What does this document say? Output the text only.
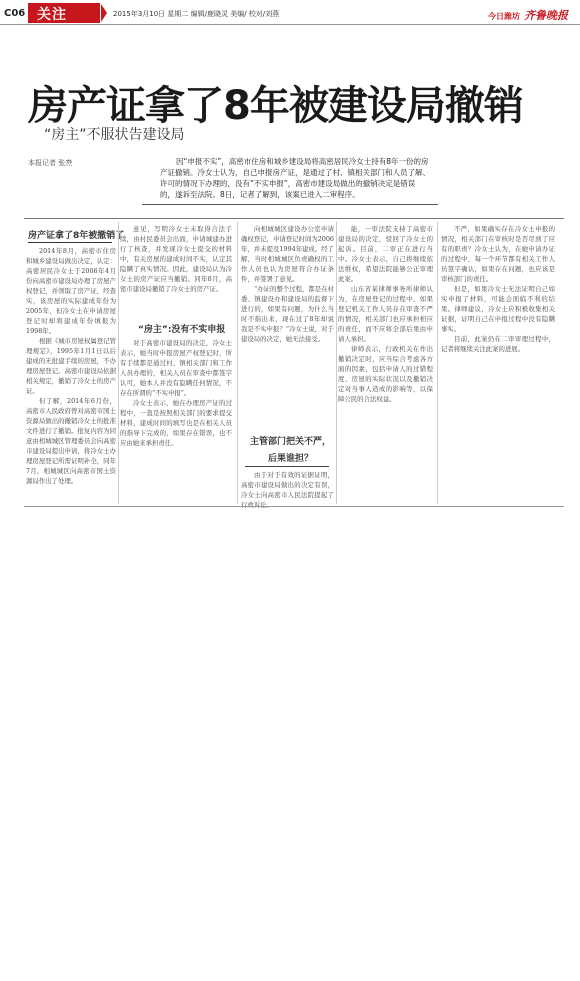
C06 关注	2015年3月10日 星期二 编辑/鹿晓灵 美编/ 校对/刘燕	今日潍坊 齐鲁晚报
房产证拿了8年被建设局撤销
“房主”不服状告建设局
本报记者 张焘	因“申报不实”，高密市住房和城乡建设局将高密居民冷女士持有8年一份的房产证撤销。冷女士认为，自己申报房产证，是通过了村、镇相关部门和人员了解、许可的情况下办理的，没有“不实申报”，高密市建设局做出的撤销决定是错误的，遂诉至法院。8日，记者了解到，该案已进入二审程序。
房产证拿了8年被撤销了

2014年8月，高密市住房和城乡建设局做出决定，认定：高密居民冷女士于2006年4月份向高密市建设局办理了房屋产权登记，并领取了房产证，经查实，该房屋的实际建成年份为2005年，但冷女士在申请房屋登记时却将建成年份填报为1998年。

根据《城市房屋权属登记管理规定》，1995年1月1日以后建成的无批建手续的房屋，不办理房屋登记。高密市建设局依据相关规定，撤销了冷女士的房产证。

但了解，2014年6月份，高密市人民政府曾对高密市国土资源局做出的撤销冷女士的批准文件进行了撤销。批复内容为同意由相城城区管理委员会向高密市建设局提出申请，将冷女士办理房屋登记所需证明补全，同年7月，相城城区向高密市国土资源局作出了处理。

意见，写明冷女士未取得合法手续，由村民委员会出面，申请城建办进行了核查，并发现冷女士提交的材料中，有关房屋的建成时间不实，认定其隐瞒了真实情况。因此，建设局认为冷女士的房产证应当撤销。同年8月，高密市建设局撤销了冷女士的房产证。

“房主”:没有不实申报

对于高密市建设局的决定，冷女士表示，她当时申报房屋产权登记时，所有手续都是通过村、镇相关部门和工作人员办理的，相关人员在审查中都签字认可，她本人并没有隐瞒任何情况，不存在所谓的“不实申报”。

冷女士表示，她在办理房产证的过程中，一直是按照相关部门的要求提交材料，建成时间的填写也是在相关人员的指导下完成的，如果存在错误，也不应由她来承担责任。

向相城城区建设办公室申请确权登记，申请登记时间为2006年，并未提及1994年建成。经了解，当时相城城区负责确权的工作人员也认为房屋符合办证条件，并签署了意见。

“办证的整个过程，都是在村委、镇建设办和建设局的监督下进行的，如果有问题，为什么当时不指出来，现在过了8年却说我是不实申报？”冷女士说，对于建设局的决定，她无法接受。

主管部门把关不严，
后果谁担？

由于对于有效的证据证明，高密市建设局做出的决定有误，冷女士向高密市人民法院提起了行政诉讼。

能，一审法院支持了高密市建设局的决定，驳回了冷女士的起诉。目前，二审正在进行当中。冷女士表示，自己将继续依法维权，希望法院能够公正审理此案。

山东省某律师事务所律师认为，在房屋登记的过程中，如果登记机关工作人员存在审查不严的情况，相关部门也应承担相应的责任，而不应将全部后果由申请人承担。

律师表示，行政机关在作出撤销决定时，应当综合考虑各方面的因素，包括申请人的过错程度、房屋的实际状况以及撤销决定对当事人造成的影响等，以保障公民的合法权益。

不严，如果确实存在冷女士申报的情况，相关部门在审核时是否尽到了应有的职责？冷女士认为，在她申请办证的过程中，每一个环节都有相关工作人员签字确认，如果存在问题，也应该是审核部门的责任。

但是，如果冷女士无法证明自己如实申报了材料，可能会面临不利的结果。律师建议，冷女士应积极收集相关证据，证明自己在申报过程中没有隐瞒事实。

目前，此案仍在二审审理过程中，记者将继续关注此案的进展。
